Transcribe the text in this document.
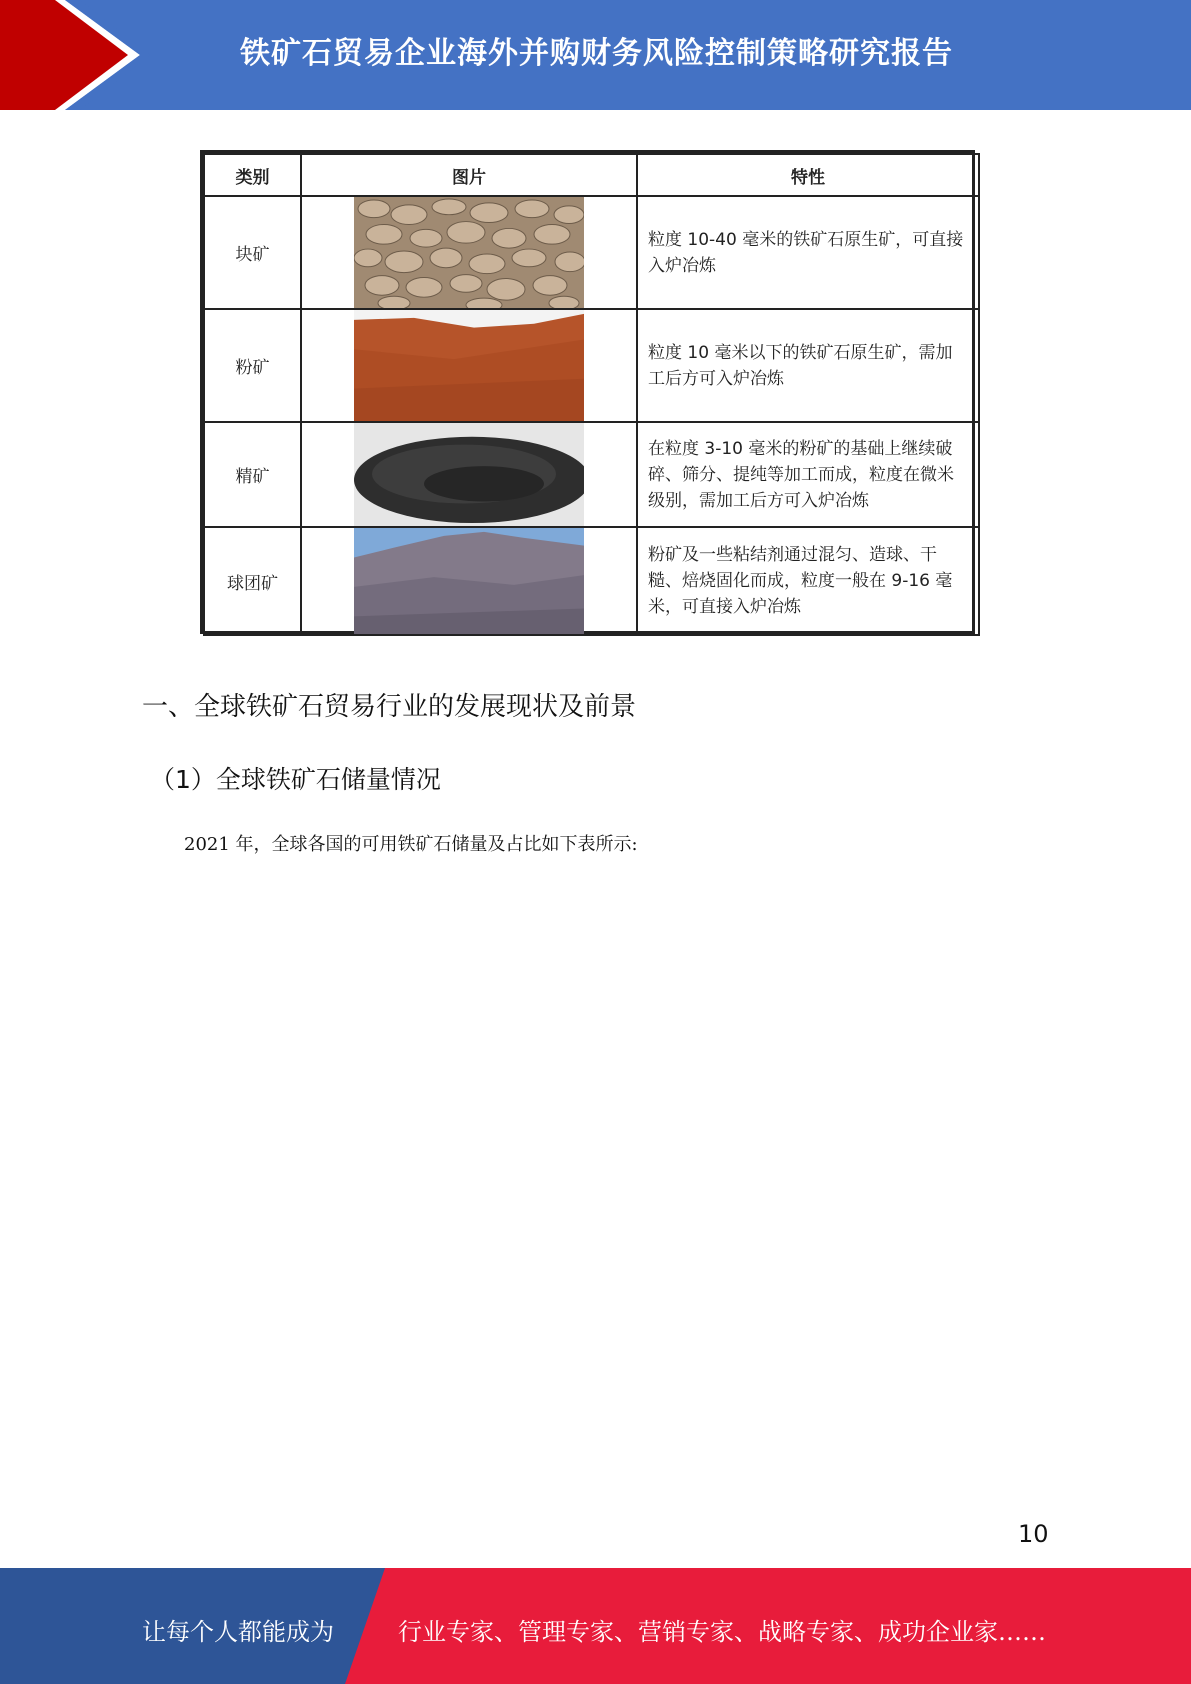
铁矿石贸易企业海外并购财务风险控制策略研究报告
类别	图片	特性
块矿		粒度 10-40 毫米的铁矿石原生矿，可直接入炉冶炼
粉矿		粒度 10 毫米以下的铁矿石原生矿，需加工后方可入炉冶炼
精矿		在粒度 3-10 毫米的粉矿的基础上继续破碎、筛分、提纯等加工而成，粒度在微米级别，需加工后方可入炉冶炼
球团矿		粉矿及一些粘结剂通过混匀、造球、干糙、焙烧固化而成，粒度一般在 9-16 毫米，可直接入炉冶炼
一、全球铁矿石贸易行业的发展现状及前景
（1）全球铁矿石储量情况
2021 年，全球各国的可用铁矿石储量及占比如下表所示:
10
让每个人都能成为	行业专家、管理专家、营销专家、战略专家、成功企业家……
